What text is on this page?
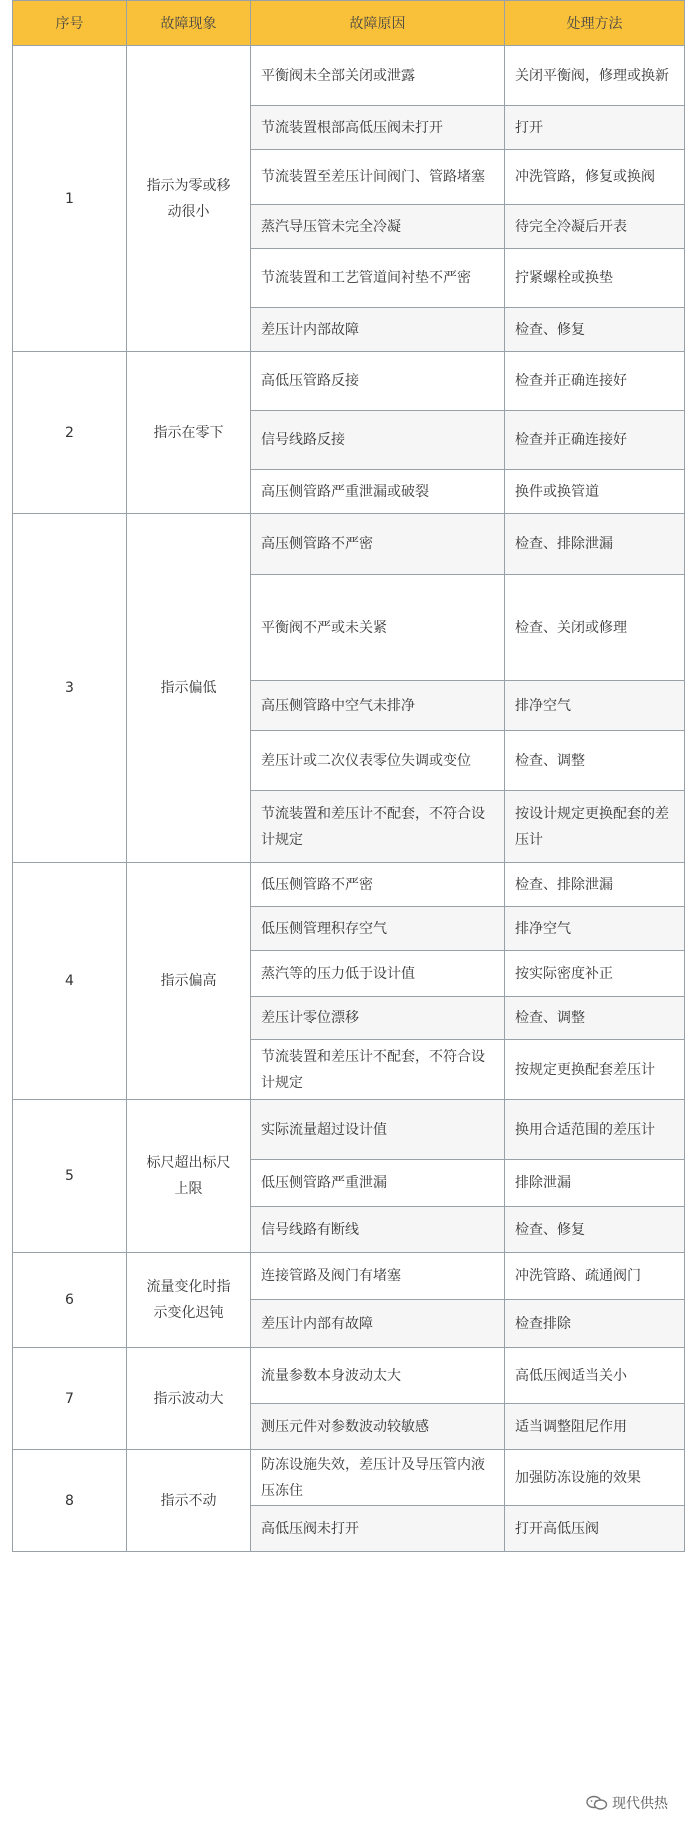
序号	故障现象	故障原因	处理方法
1	指示为零或移动很小	平衡阀未全部关闭或泄露	关闭平衡阀，修理或换新
		节流装置根部高低压阀未打开	打开
		节流装置至差压计间阀门、管路堵塞	冲洗管路，修复或换阀
		蒸汽导压管未完全冷凝	待完全冷凝后开表
		节流装置和工艺管道间衬垫不严密	拧紧螺栓或换垫
		差压计内部故障	检查、修复
2	指示在零下	高低压管路反接	检查并正确连接好
		信号线路反接	检查并正确连接好
		高压侧管路严重泄漏或破裂	换件或换管道
3	指示偏低	高压侧管路不严密	检查、排除泄漏
		平衡阀不严或未关紧	检查、关闭或修理
		高压侧管路中空气未排净	排净空气
		差压计或二次仪表零位失调或变位	检查、调整
		节流装置和差压计不配套，不符合设计规定	按设计规定更换配套的差压计
4	指示偏高	低压侧管路不严密	检查、排除泄漏
		低压侧管理积存空气	排净空气
		蒸汽等的压力低于设计值	按实际密度补正
		差压计零位漂移	检查、调整
		节流装置和差压计不配套，不符合设计规定	按规定更换配套差压计
5	标尺超出标尺上限	实际流量超过设计值	换用合适范围的差压计
		低压侧管路严重泄漏	排除泄漏
		信号线路有断线	检查、修复
6	流量变化时指示变化迟钝	连接管路及阀门有堵塞	冲洗管路、疏通阀门
		差压计内部有故障	检查排除
7	指示波动大	流量参数本身波动太大	高低压阀适当关小
		测压元件对参数波动较敏感	适当调整阻尼作用
8	指示不动	防冻设施失效，差压计及导压管内液压冻住	加强防冻设施的效果
		高低压阀未打开	打开高低压阀
现代供热
